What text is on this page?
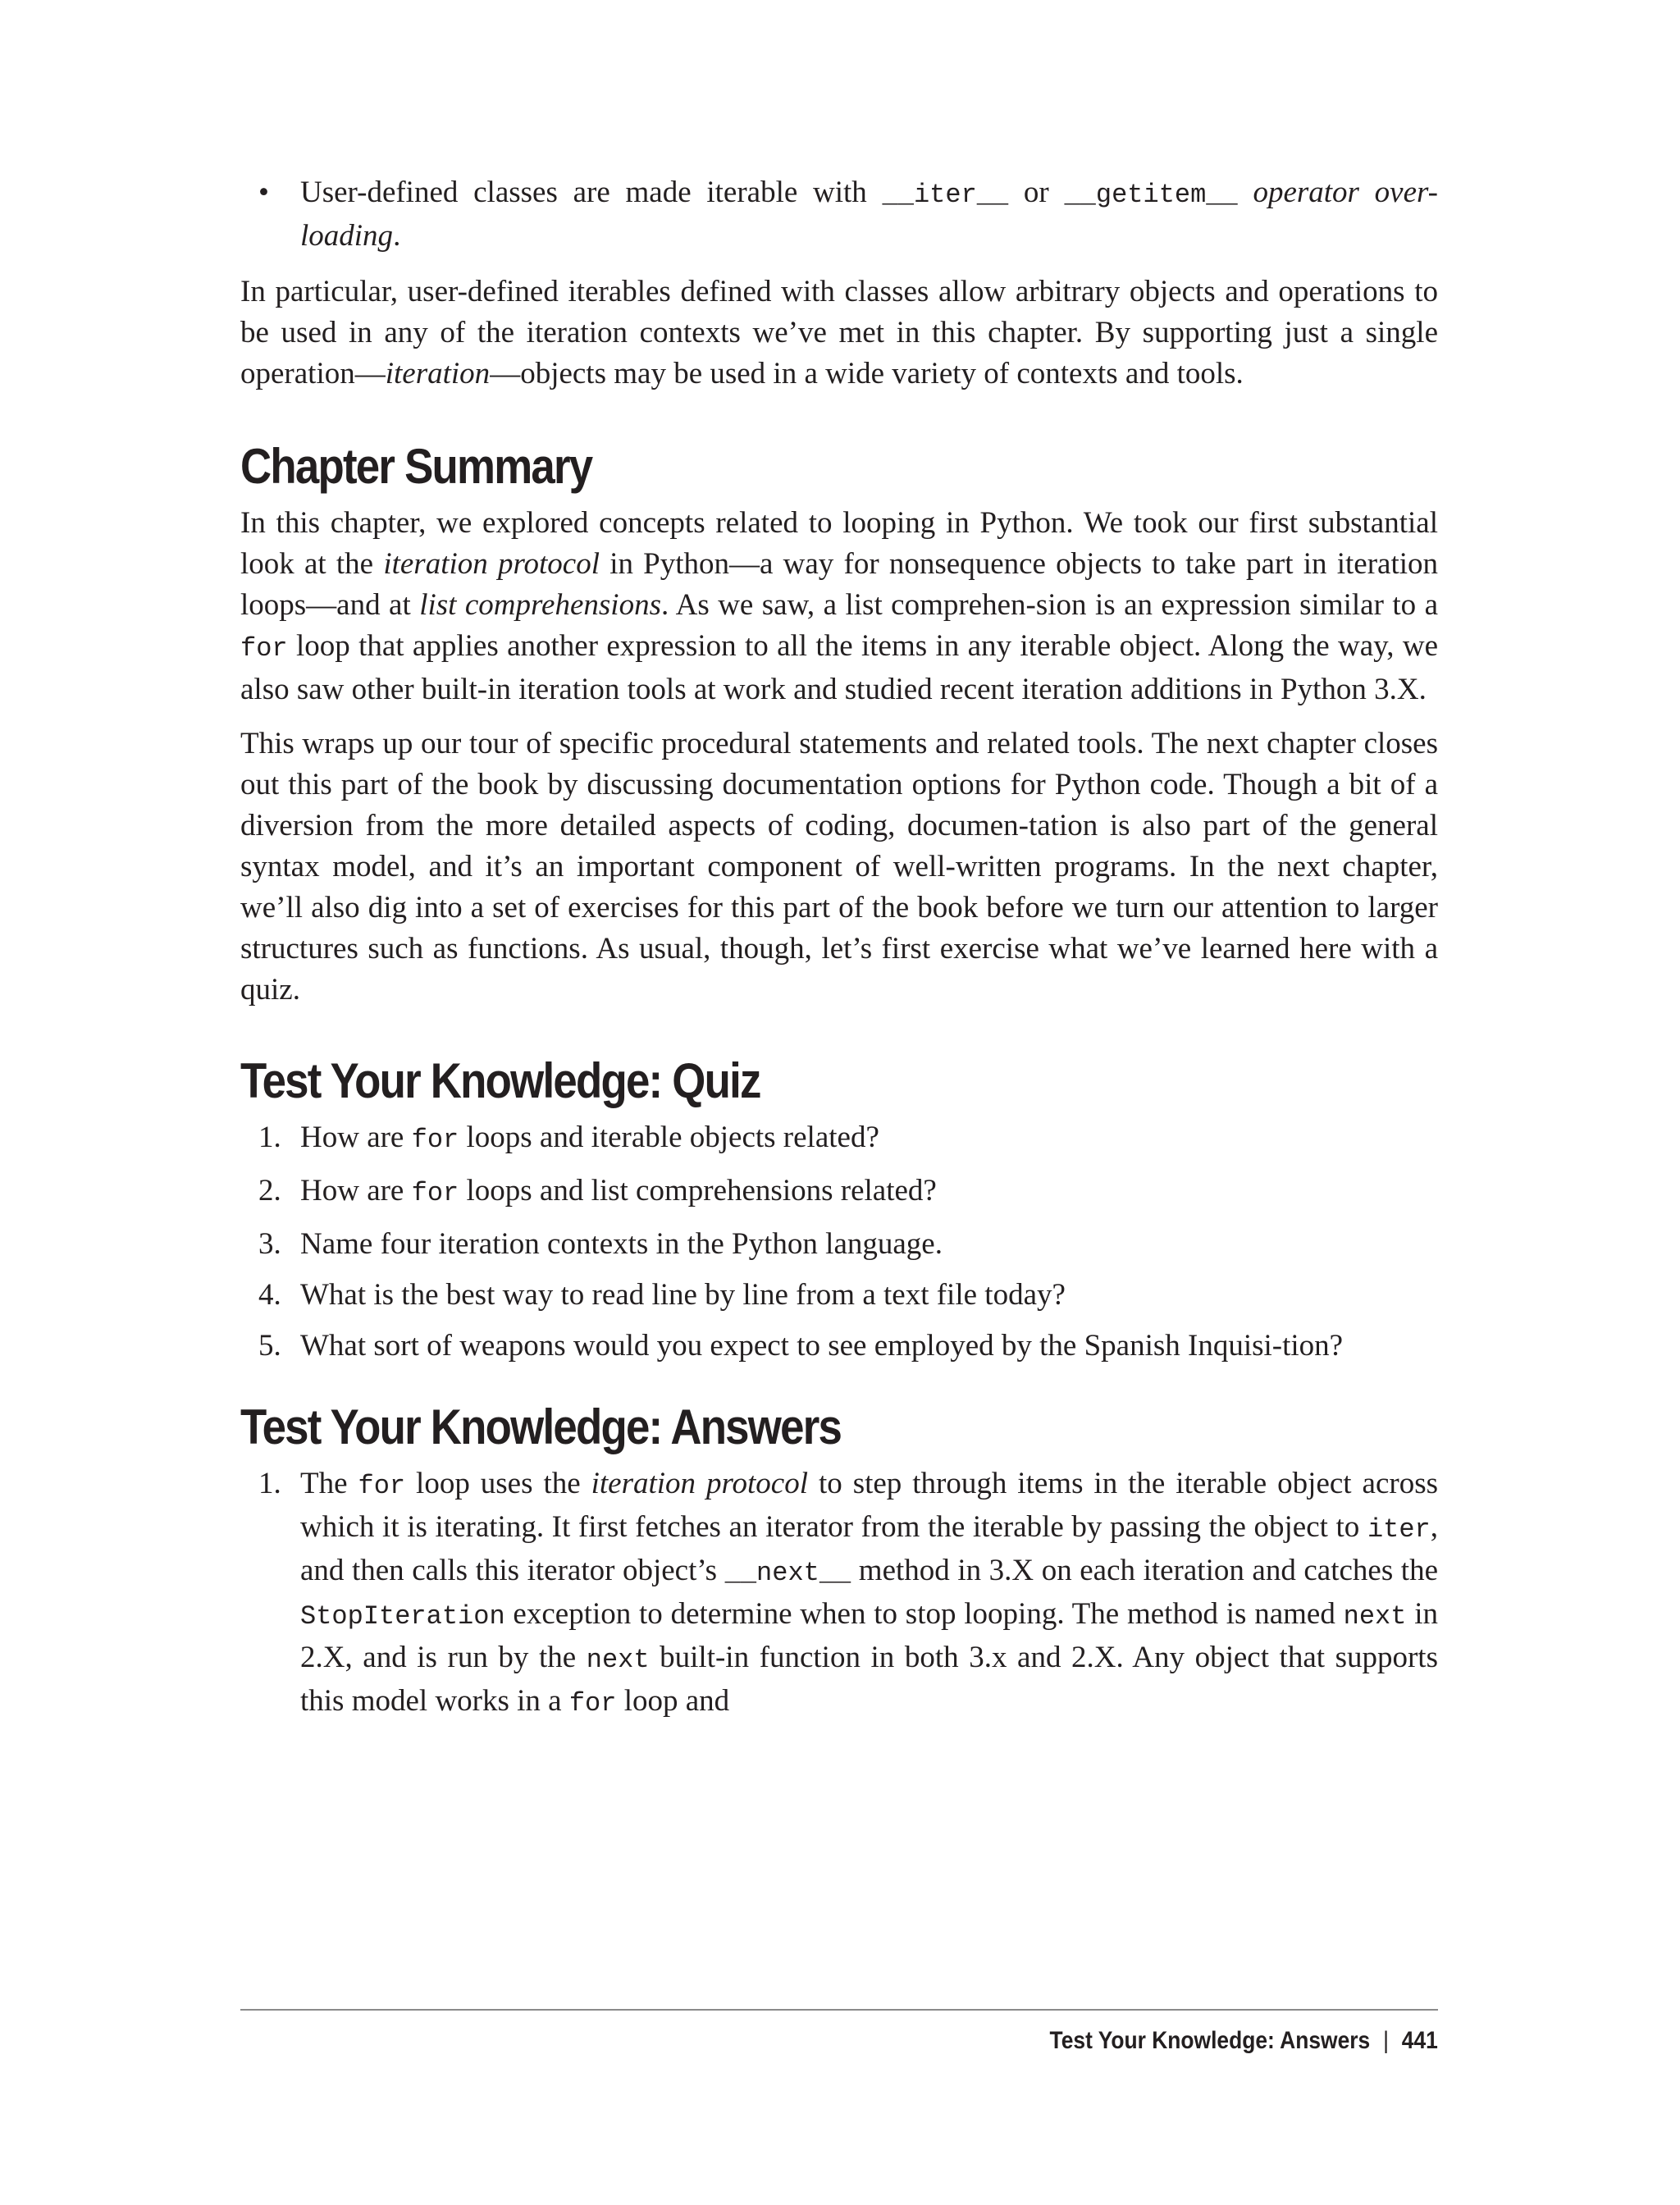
• User-defined classes are made iterable with __iter__ or __getitem__ operator over-loading.

In particular, user-defined iterables defined with classes allow arbitrary objects and operations to be used in any of the iteration contexts we’ve met in this chapter. By supporting just a single operation—iteration—objects may be used in a wide variety of contexts and tools.

Chapter Summary

In this chapter, we explored concepts related to looping in Python. We took our first substantial look at the iteration protocol in Python—a way for nonsequence objects to take part in iteration loops—and at list comprehensions. As we saw, a list comprehen-sion is an expression similar to a for loop that applies another expression to all the items in any iterable object. Along the way, we also saw other built-in iteration tools at work and studied recent iteration additions in Python 3.X.

This wraps up our tour of specific procedural statements and related tools. The next chapter closes out this part of the book by discussing documentation options for Python code. Though a bit of a diversion from the more detailed aspects of coding, documen-tation is also part of the general syntax model, and it’s an important component of well-written programs. In the next chapter, we’ll also dig into a set of exercises for this part of the book before we turn our attention to larger structures such as functions. As usual, though, let’s first exercise what we’ve learned here with a quiz.

Test Your Knowledge: Quiz
1. How are for loops and iterable objects related?
2. How are for loops and list comprehensions related?
3. Name four iteration contexts in the Python language.
4. What is the best way to read line by line from a text file today?
5. What sort of weapons would you expect to see employed by the Spanish Inquisi-tion?
Test Your Knowledge: Answers
1. The for loop uses the iteration protocol to step through items in the iterable object across which it is iterating. It first fetches an iterator from the iterable by passing the object to iter, and then calls this iterator object’s __next__ method in 3.X on each iteration and catches the StopIteration exception to determine when to stop looping. The method is named next in 2.X, and is run by the next built-in function in both 3.x and 2.X. Any object that supports this model works in a for loop and
Test Your Knowledge: Answers | 441
